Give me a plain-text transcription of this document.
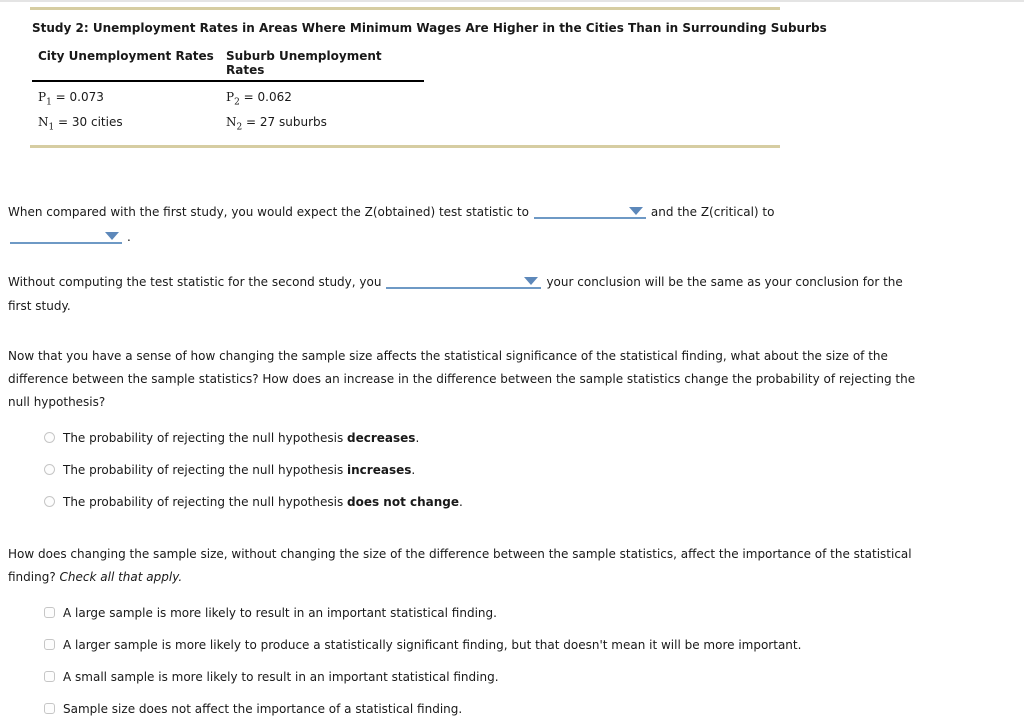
Study 2: Unemployment Rates in Areas Where Minimum Wages Are Higher in the Cities Than in Surrounding Suburbs
City Unemployment Rates	Suburb Unemployment Rates
$P_1 = 0.073$	$P_2 = 0.062$
$N_1 = 30$ cities	$N_2 = 27$ suburbs
When compared with the first study, you would expect the Z(obtained) test statistic to	and the Z(critical) to
.
Without computing the test statistic for the second study, you	your conclusion will be the same as your conclusion for the
first study.
Now that you have a sense of how changing the sample size affects the statistical significance of the statistical finding, what about the size of the
difference between the sample statistics? How does an increase in the difference between the sample statistics change the probability of rejecting the
null hypothesis?
The probability of rejecting the null hypothesis decreases.
The probability of rejecting the null hypothesis increases.
The probability of rejecting the null hypothesis does not change.
How does changing the sample size, without changing the size of the difference between the sample statistics, affect the importance of the statistical
finding? Check all that apply.
A large sample is more likely to result in an important statistical finding.
A larger sample is more likely to produce a statistically significant finding, but that doesn't mean it will be more important.
A small sample is more likely to result in an important statistical finding.
Sample size does not affect the importance of a statistical finding.
